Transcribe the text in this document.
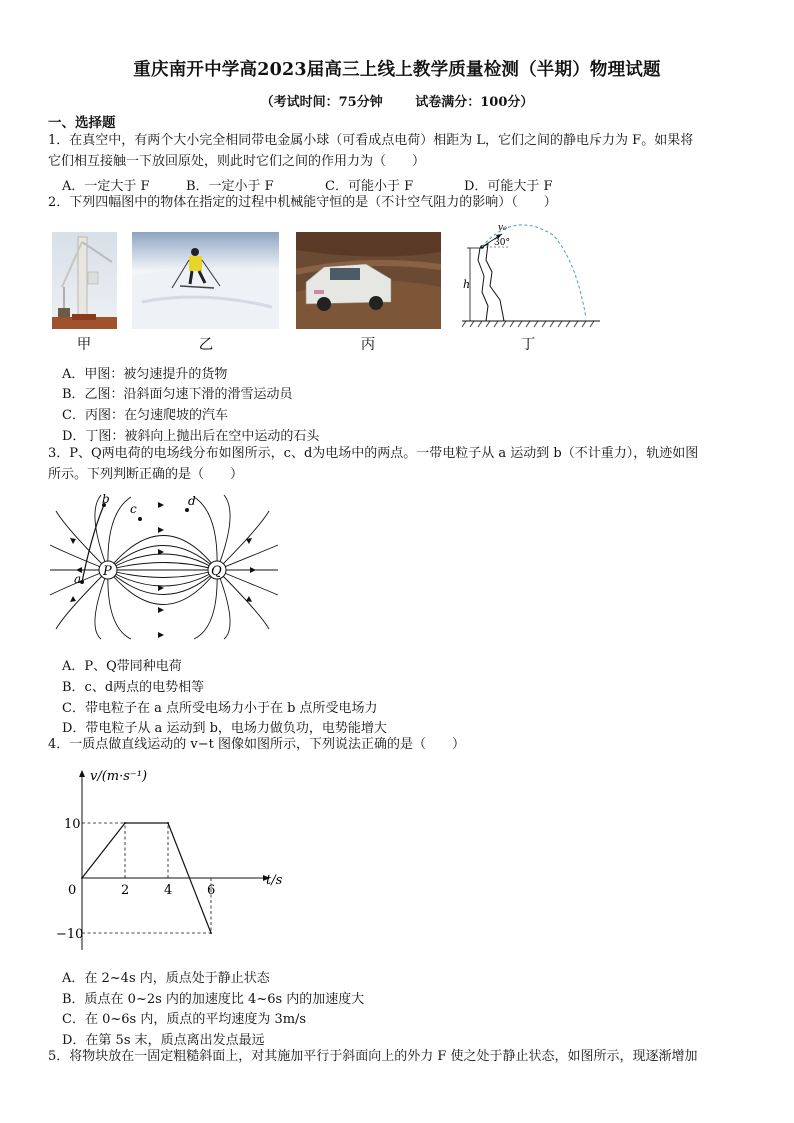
重庆南开中学高2023届高三上线上教学质量检测（半期）物理试题
（考试时间：75分钟	试卷满分：100分）
一、选择题
1．在真空中，有两个大小完全相同带电金属小球（可看成点电荷）相距为 L，它们之间的静电斥力为 F。如果将
它们相互接触一下放回原处，则此时它们之间的作用力为（　　）
A．一定大于 F	B．一定小于 F	C．可能小于 F	D．可能大于 F
2．下列四幅图中的物体在指定的过程中机械能守恒的是（不计空气阻力的影响）（　　）
h
v₀
30°
甲	乙	丙	丁
A．甲图：被匀速提升的货物
B．乙图：沿斜面匀速下滑的滑雪运动员
C．丙图：在匀速爬坡的汽车
D．丁图：被斜向上抛出后在空中运动的石头
3．P、Q两电荷的电场线分布如图所示，c、d为电场中的两点。一带电粒子从 a 运动到 b（不计重力），轨迹如图
所示。下列判断正确的是（　　）
P	Q
a
b
c
d
A．P、Q带同种电荷
B．c、d两点的电势相等
C．带电粒子在 a 点所受电场力小于在 b 点所受电场力
D．带电粒子从 a 运动到 b，电场力做负功，电势能增大
4．一质点做直线运动的 v−t 图像如图所示，下列说法正确的是（　　）
v/(m·s⁻¹)
t/s
0	2	4	6
10
−10
A．在 2~4s 内，质点处于静止状态
B．质点在 0~2s 内的加速度比 4~6s 内的加速度大
C．在 0~6s 内，质点的平均速度为 3m/s
D．在第 5s 末，质点离出发点最远
5．将物块放在一固定粗糙斜面上，对其施加平行于斜面向上的外力 F 使之处于静止状态，如图所示，现逐渐增加
